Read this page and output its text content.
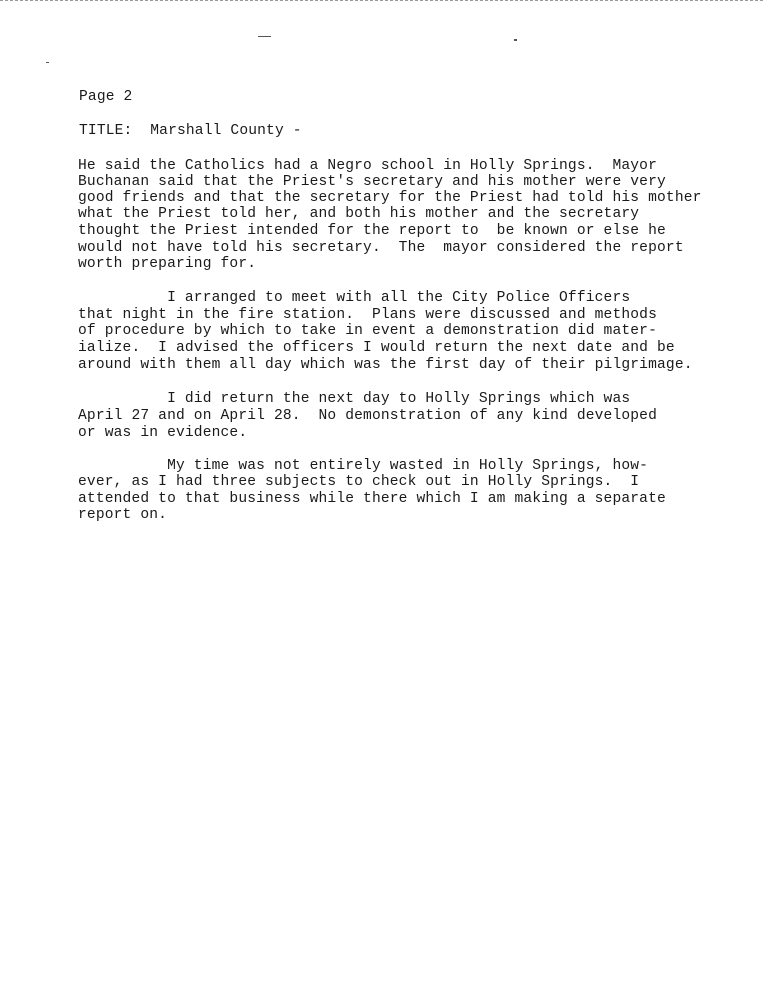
Page 2
TITLE:  Marshall County -
He said the Catholics had a Negro school in Holly Springs.  Mayor
Buchanan said that the Priest's secretary and his mother were very
good friends and that the secretary for the Priest had told his mother
what the Priest told her, and both his mother and the secretary
thought the Priest intended for the report to  be known or else he
would not have told his secretary.  The  mayor considered the report
worth preparing for.
I arranged to meet with all the City Police Officers
that night in the fire station.  Plans were discussed and methods
of procedure by which to take in event a demonstration did mater-
ialize.  I advised the officers I would return the next date and be
around with them all day which was the first day of their pilgrimage.
I did return the next day to Holly Springs which was
April 27 and on April 28.  No demonstration of any kind developed
or was in evidence.
My time was not entirely wasted in Holly Springs, how-
ever, as I had three subjects to check out in Holly Springs.  I
attended to that business while there which I am making a separate
report on.
